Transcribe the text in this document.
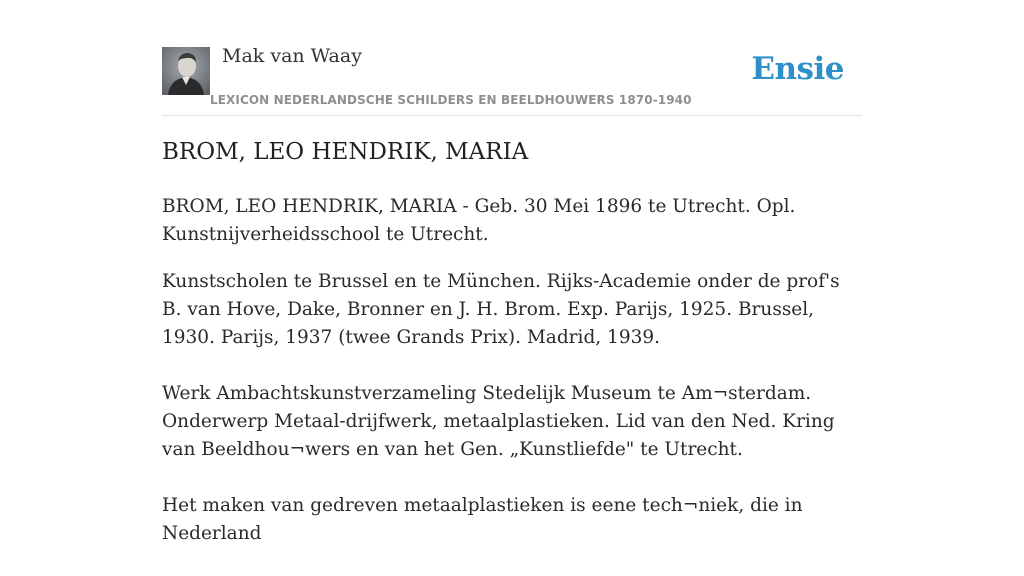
Mak van Waay
LEXICON NEDERLANDSCHE SCHILDERS EN BEELDHOUWERS 1870-1940
Ensie
BROM, LEO HENDRIK, MARIA

BROM, LEO HENDRIK, MARIA - Geb. 30 Mei 1896 te Utrecht. Opl. Kunstnijverheidsschool te Utrecht.

Kunstscholen te Brussel en te München. Rijks-Academie onder de prof's B. van Hove, Dake, Bronner en J. H. Brom. Exp. Parijs, 1925. Brussel, 1930. Parijs, 1937 (twee Grands Prix). Madrid, 1939.

Werk Ambachtskunstverzameling Stedelijk Museum te Am¬sterdam. Onderwerp Metaal-drijfwerk, metaalplastieken. Lid van den Ned. Kring van Beeldhou¬wers en van het Gen. „Kunstliefde" te Utrecht.

Het maken van gedreven metaalplastieken is eene tech¬niek, die in Nederland
